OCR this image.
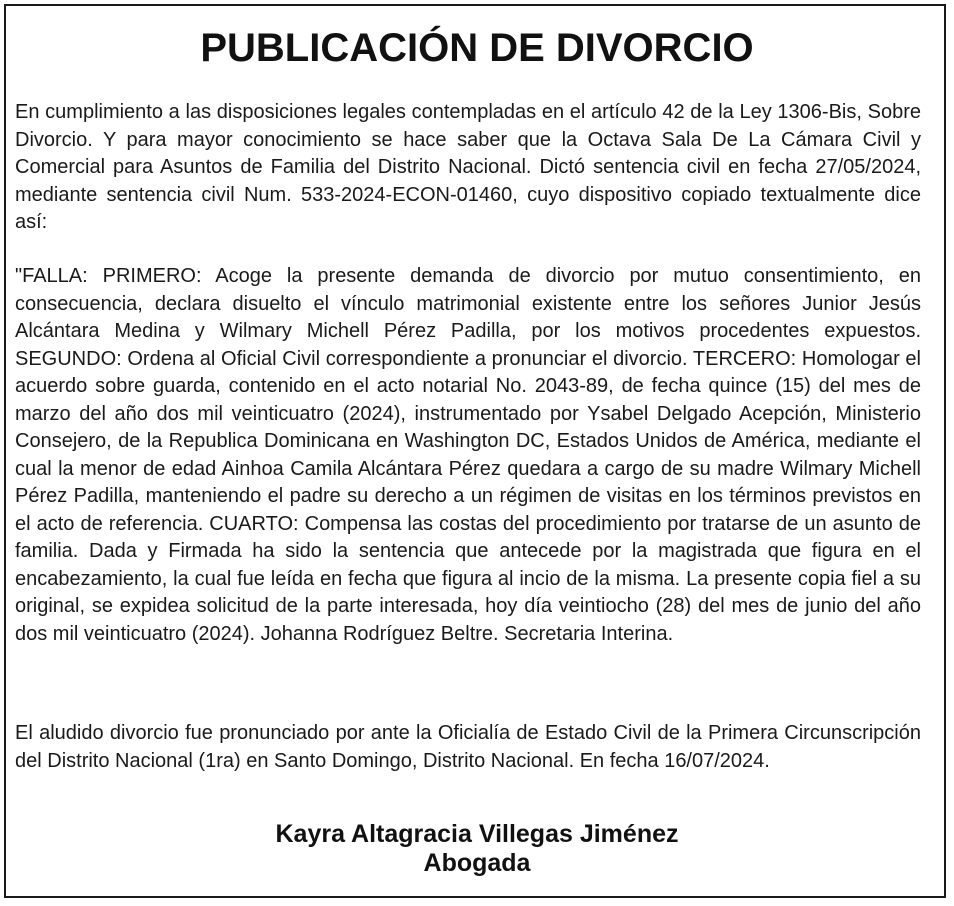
PUBLICACIÓN DE DIVORCIO

En cumplimiento a las disposiciones legales contempladas en el artículo 42 de la Ley 1306-Bis, Sobre Divorcio. Y para mayor conocimiento se hace saber que la Octava Sala De La Cámara Civil y Comercial para Asuntos de Familia del Distrito Nacional. Dictó sentencia civil en fecha 27/05/2024, mediante sentencia civil Num. 533-2024-ECON-01460, cuyo dispositivo copiado textualmente dice así:

"FALLA: PRIMERO: Acoge la presente demanda de divorcio por mutuo consentimiento, en consecuencia, declara disuelto el vínculo matrimonial existente entre los señores Junior Jesús Alcántara Medina y Wilmary Michell Pérez Padilla, por los motivos procedentes expuestos. SEGUNDO: Ordena al Oficial Civil correspondiente a pronunciar el divorcio. TERCERO: Homologar el acuerdo sobre guarda, contenido en el acto notarial No. 2043-89, de fecha quince (15) del mes de marzo del año dos mil veinticuatro (2024), instrumentado por Ysabel Delgado Acepción, Ministerio Consejero, de la Republica Dominicana en Washington DC, Estados Unidos de América, mediante el cual la menor de edad Ainhoa Camila Alcántara Pérez quedara a cargo de su madre Wilmary Michell Pérez Padilla, manteniendo el padre su derecho a un régimen de visitas en los términos previstos en el acto de referencia. CUARTO: Compensa las costas del procedimiento por tratarse de un asunto de familia. Dada y Firmada ha sido la sentencia que antecede por la magistrada que figura en el encabezamiento, la cual fue leída en fecha que figura al incio de la misma. La presente copia fiel a su original, se expidea solicitud de la parte interesada, hoy día veintiocho (28) del mes de junio del año dos mil veinticuatro (2024). Johanna Rodríguez Beltre. Secretaria Interina.

El aludido divorcio fue pronunciado por ante la Oficialía de Estado Civil de la Primera Circunscripción del Distrito Nacional (1ra) en Santo Domingo, Distrito Nacional. En fecha 16/07/2024.

Kayra Altagracia Villegas Jiménez
Abogada
